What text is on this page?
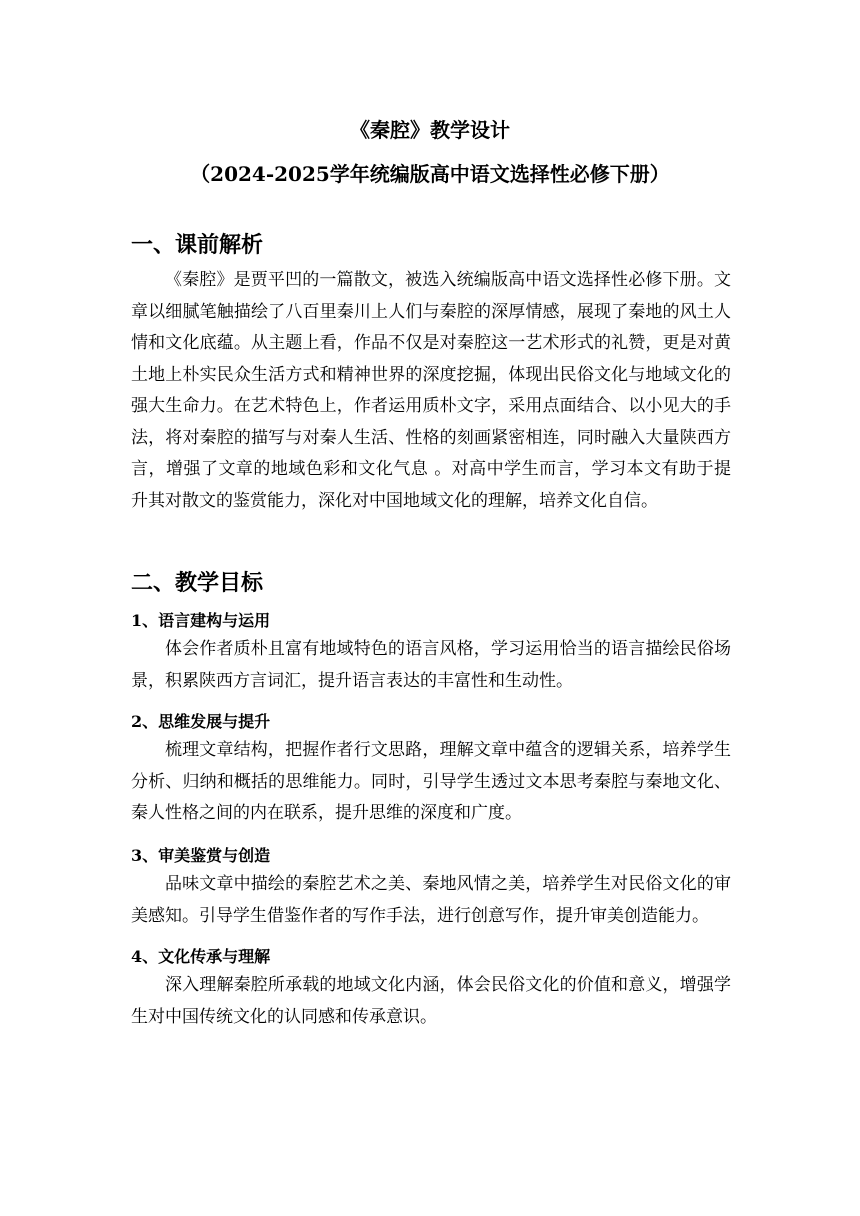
《秦腔》教学设计
（2024-2025学年统编版高中语文选择性必修下册）
一、课前解析

《秦腔》是贾平凹的一篇散文，被选入统编版高中语文选择性必修下册。文章以细腻笔触描绘了八百里秦川上人们与秦腔的深厚情感，展现了秦地的风土人情和文化底蕴。从主题上看，作品不仅是对秦腔这一艺术形式的礼赞，更是对黄土地上朴实民众生活方式和精神世界的深度挖掘，体现出民俗文化与地域文化的强大生命力。在艺术特色上，作者运用质朴文字，采用点面结合、以小见大的手法，将对秦腔的描写与对秦人生活、性格的刻画紧密相连，同时融入大量陕西方言，增强了文章的地域色彩和文化气息 。对高中学生而言，学习本文有助于提升其对散文的鉴赏能力，深化对中国地域文化的理解，培养文化自信。

二、教学目标
1、语言建构与运用

体会作者质朴且富有地域特色的语言风格，学习运用恰当的语言描绘民俗场景，积累陕西方言词汇，提升语言表达的丰富性和生动性。

2、思维发展与提升

梳理文章结构，把握作者行文思路，理解文章中蕴含的逻辑关系，培养学生分析、归纳和概括的思维能力。同时，引导学生透过文本思考秦腔与秦地文化、秦人性格之间的内在联系，提升思维的深度和广度。

3、审美鉴赏与创造

品味文章中描绘的秦腔艺术之美、秦地风情之美，培养学生对民俗文化的审美感知。引导学生借鉴作者的写作手法，进行创意写作，提升审美创造能力。

4、文化传承与理解

深入理解秦腔所承载的地域文化内涵，体会民俗文化的价值和意义，增强学生对中国传统文化的认同感和传承意识。
